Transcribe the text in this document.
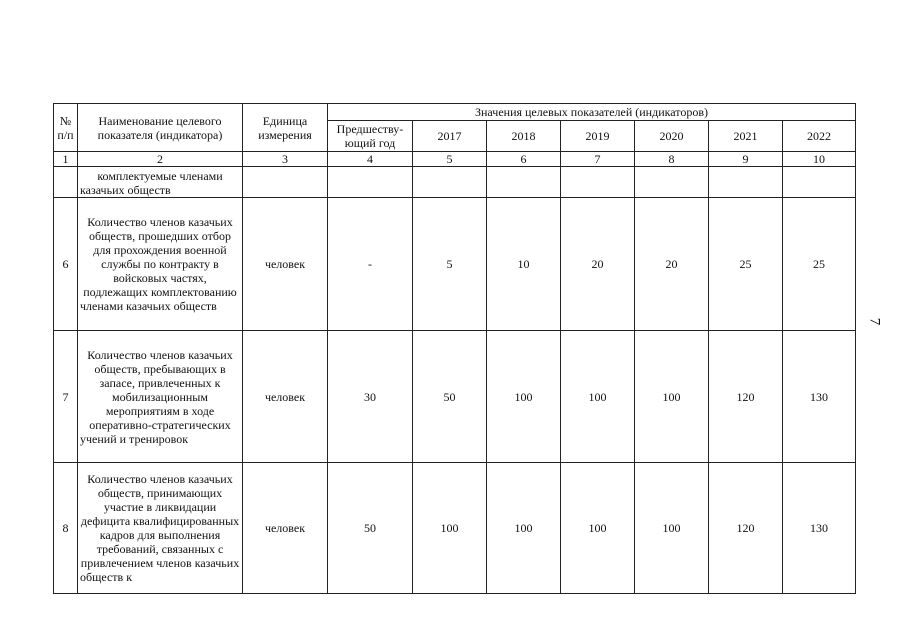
7
№ п/п	Наименование целевого показателя (индикатора)	Единица измерения	Значения целевых показателей (индикаторов)						
			Предшеству-ющий год	2017	2018	2019	2020	2021	2022
1	2	3	4	5	6	7	8	9	10
	комплектуемые членами казачьих обществ								
6	Количество членов казачьих обществ, прошедших отбор для прохождения военной службы по контракту в войсковых частях, подлежащих комплектованию членами казачьих обществ	человек	-	5	10	20	20	25	25
7	Количество членов казачьих обществ, пребывающих в запасе, привлеченных к мобилизационным мероприятиям в ходе оперативно-стратегических учений и тренировок	человек	30	50	100	100	100	120	130
8	Количество членов казачьих обществ, принимающих участие в ликвидации дефицита квалифицированных кадров для выполнения требований, связанных с привлечением членов казачьих обществ к	человек	50	100	100	100	100	120	130
